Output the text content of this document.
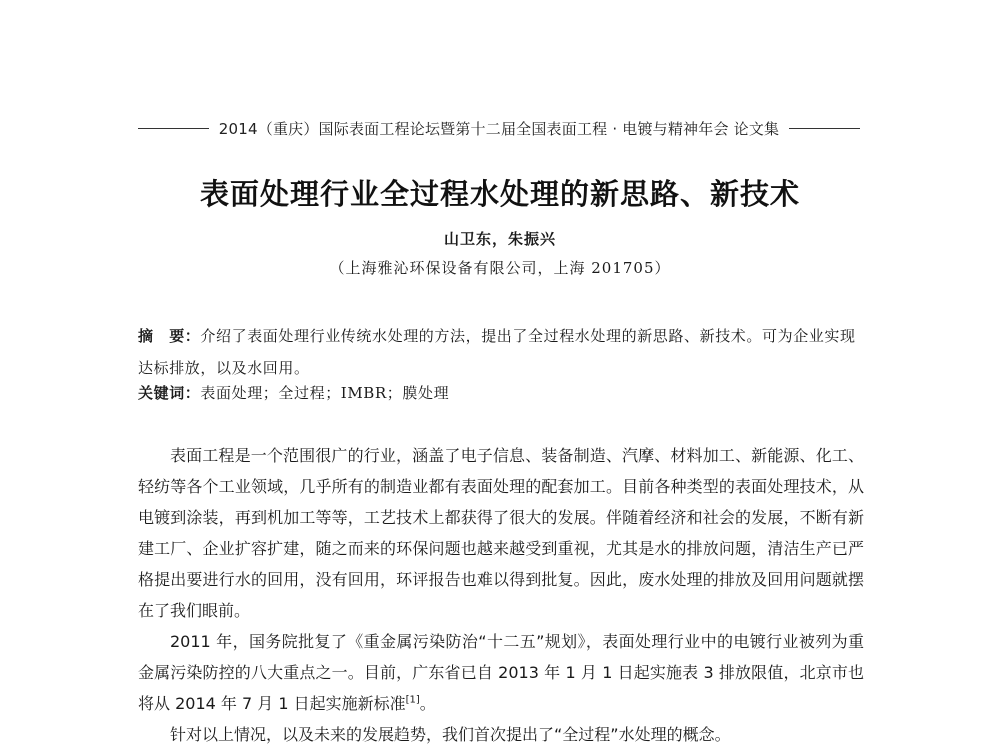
2014（重庆）国际表面工程论坛暨第十二届全国表面工程 · 电镀与精神年会 论文集
表面处理行业全过程水处理的新思路、新技术
山卫东，朱振兴
（上海雅沁环保设备有限公司，上海 201705）
摘　要：介绍了表面处理行业传统水处理的方法，提出了全过程水处理的新思路、新技术。可为企业实现达标排放，以及水回用。
关键词：表面处理；全过程；IMBR；膜处理

表面工程是一个范围很广的行业，涵盖了电子信息、装备制造、汽摩、材料加工、新能源、化工、轻纺等各个工业领域，几乎所有的制造业都有表面处理的配套加工。目前各种类型的表面处理技术，从电镀到涂装，再到机加工等等，工艺技术上都获得了很大的发展。伴随着经济和社会的发展，不断有新建工厂、企业扩容扩建，随之而来的环保问题也越来越受到重视，尤其是水的排放问题，清洁生产已严格提出要进行水的回用，没有回用，环评报告也难以得到批复。因此，废水处理的排放及回用问题就摆在了我们眼前。

2011 年，国务院批复了《重金属污染防治“十二五”规划》，表面处理行业中的电镀行业被列为重金属污染防控的八大重点之一。目前，广东省已自 2013 年 1 月 1 日起实施表 3 排放限值，北京市也将从 2014 年 7 月 1 日起实施新标准[1]。

针对以上情况，以及未来的发展趋势，我们首次提出了“全过程”水处理的概念。
